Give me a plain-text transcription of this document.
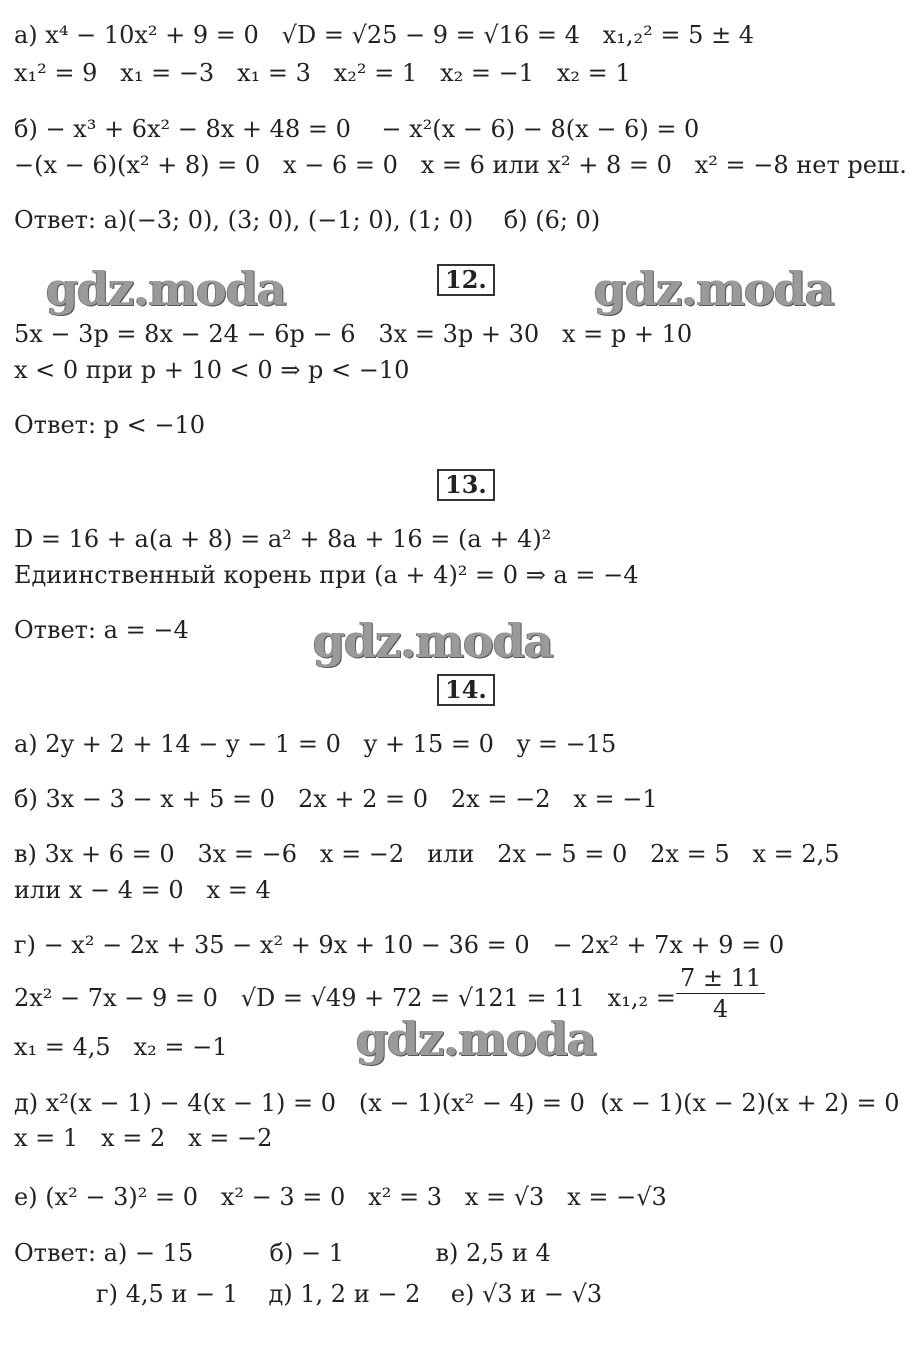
а) x⁴ − 10x² + 9 = 0   √D = √25 − 9 = √16 = 4   x₁,₂² = 5 ± 4
x₁² = 9   x₁ = −3   x₁ = 3   x₂² = 1   x₂ = −1   x₂ = 1
б) − x³ + 6x² − 8x + 48 = 0    − x²(x − 6) − 8(x − 6) = 0
−(x − 6)(x² + 8) = 0   x − 6 = 0   x = 6 или x² + 8 = 0   x² = −8 нет реш.
Ответ: а)(−3; 0), (3; 0), (−1; 0), (1; 0)    б) (6; 0)
gdz.moda	gdz.moda
12.
5x − 3p = 8x − 24 − 6p − 6   3x = 3p + 30   x = p + 10
x < 0 при p + 10 < 0 ⇒ p < −10
Ответ: p < −10
13.
D = 16 + a(a + 8) = a² + 8a + 16 = (a + 4)²
Едиинственный корень при (a + 4)² = 0 ⇒ a = −4
Ответ: a = −4	gdz.moda
14.
а) 2y + 2 + 14 − y − 1 = 0   y + 15 = 0   y = −15
б) 3x − 3 − x + 5 = 0   2x + 2 = 0   2x = −2   x = −1
в) 3x + 6 = 0   3x = −6   x = −2   или   2x − 5 = 0   2x = 5   x = 2,5
или x − 4 = 0   x = 4
г) − x² − 2x + 35 − x² + 9x + 10 − 36 = 0   − 2x² + 7x + 9 = 0
2x² − 7x − 9 = 0   √D = √49 + 72 = √121 = 11   $x_1,_2 = \frac{7 \pm 11}{4}$
x₁ = 4,5   x₂ = −1	gdz.moda
д) x²(x − 1) − 4(x − 1) = 0   (x − 1)(x² − 4) = 0  (x − 1)(x − 2)(x + 2) = 0
x = 1   x = 2   x = −2
е) (x² − 3)² = 0   x² − 3 = 0   x² = 3   x = √3   x = −√3
Ответ: а) − 15          б) − 1            в) 2,5 и 4
г) 4,5 и − 1    д) 1, 2 и − 2    е) √3 и − √3
